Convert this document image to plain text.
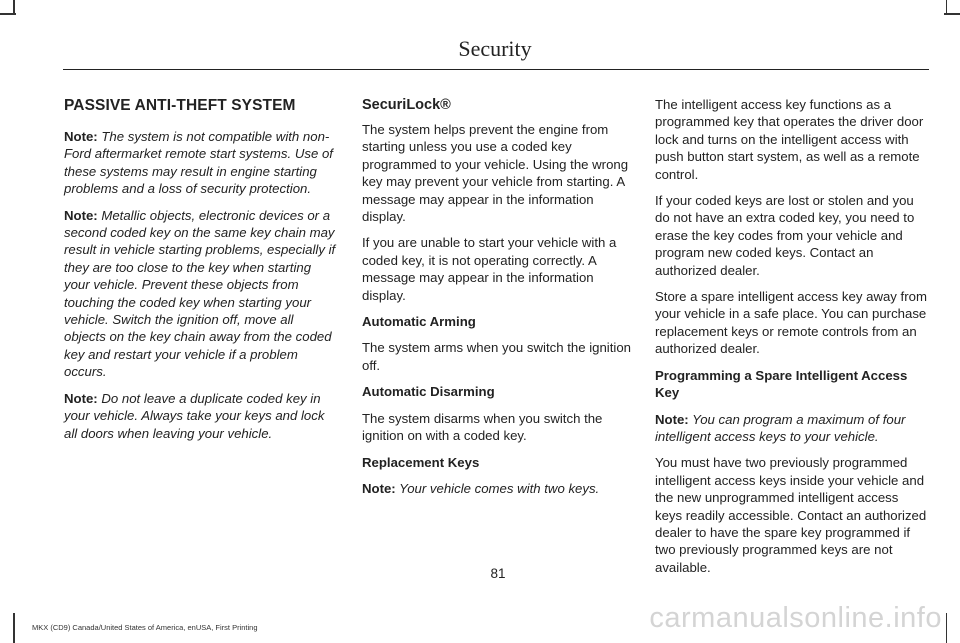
Security
PASSIVE ANTI-THEFT SYSTEM

Note: The system is not compatible with non-Ford aftermarket remote start systems. Use of these systems may result in engine starting problems and a loss of security protection.

Note: Metallic objects, electronic devices or a second coded key on the same key chain may result in vehicle starting problems, especially if they are too close to the key when starting your vehicle. Prevent these objects from touching the coded key when starting your vehicle. Switch the ignition off, move all objects on the key chain away from the coded key and restart your vehicle if a problem occurs.

Note: Do not leave a duplicate coded key in your vehicle. Always take your keys and lock all doors when leaving your vehicle.

SecuriLock®

The system helps prevent the engine from starting unless you use a coded key programmed to your vehicle. Using the wrong key may prevent your vehicle from starting. A message may appear in the information display.

If you are unable to start your vehicle with a coded key, it is not operating correctly. A message may appear in the information display.

Automatic Arming

The system arms when you switch the ignition off.

Automatic Disarming

The system disarms when you switch the ignition on with a coded key.

Replacement Keys

Note: Your vehicle comes with two keys.

The intelligent access key functions as a programmed key that operates the driver door lock and turns on the intelligent access with push button start system, as well as a remote control.

If your coded keys are lost or stolen and you do not have an extra coded key, you need to erase the key codes from your vehicle and program new coded keys. Contact an authorized dealer.

Store a spare intelligent access key away from your vehicle in a safe place. You can purchase replacement keys or remote controls from an authorized dealer.

Programming a Spare Intelligent Access Key

Note: You can program a maximum of four intelligent access keys to your vehicle.

You must have two previously programmed intelligent access keys inside your vehicle and the new unprogrammed intelligent access keys readily accessible. Contact an authorized dealer to have the spare key programmed if two previously programmed keys are not available.

81
MKX (CD9) Canada/United States of America, enUSA, First Printing	carmanualsonline.info
